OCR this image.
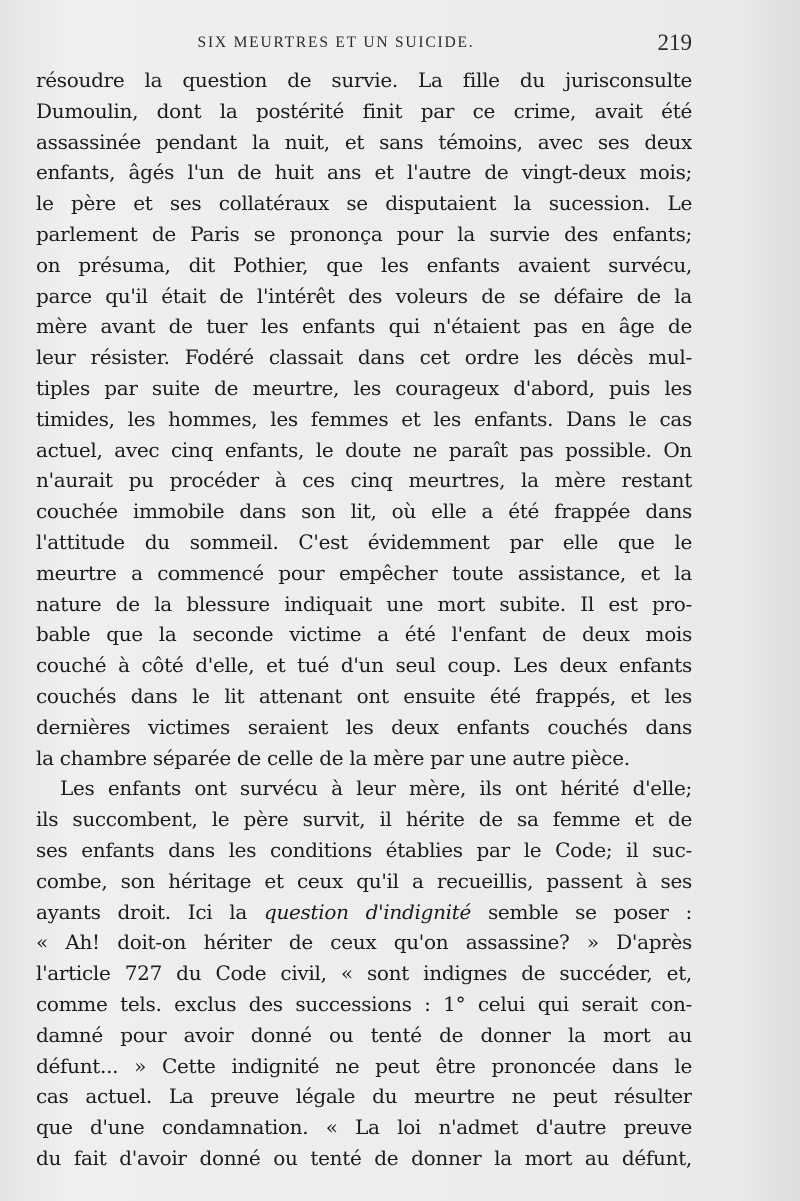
SIX MEURTRES ET UN SUICIDE.	219
résoudre la question de survie. La fille du jurisconsulte
Dumoulin, dont la postérité finit par ce crime, avait été
assassinée pendant la nuit, et sans témoins, avec ses deux
enfants, âgés l'un de huit ans et l'autre de vingt-deux mois;
le père et ses collatéraux se disputaient la sucession. Le
parlement de Paris se prononça pour la survie des enfants;
on présuma, dit Pothier, que les enfants avaient survécu,
parce qu'il était de l'intérêt des voleurs de se défaire de la
mère avant de tuer les enfants qui n'étaient pas en âge de
leur résister. Fodéré classait dans cet ordre les décès mul-
tiples par suite de meurtre, les courageux d'abord, puis les
timides, les hommes, les femmes et les enfants. Dans le cas
actuel, avec cinq enfants, le doute ne paraît pas possible. On
n'aurait pu procéder à ces cinq meurtres, la mère restant
couchée immobile dans son lit, où elle a été frappée dans
l'attitude du sommeil. C'est évidemment par elle que le
meurtre a commencé pour empêcher toute assistance, et la
nature de la blessure indiquait une mort subite. Il est pro-
bable que la seconde victime a été l'enfant de deux mois
couché à côté d'elle, et tué d'un seul coup. Les deux enfants
couchés dans le lit attenant ont ensuite été frappés, et les
dernières victimes seraient les deux enfants couchés dans
la chambre séparée de celle de la mère par une autre pièce.
Les enfants ont survécu à leur mère, ils ont hérité d'elle;
ils succombent, le père survit, il hérite de sa femme et de
ses enfants dans les conditions établies par le Code; il suc-
combe, son héritage et ceux qu'il a recueillis, passent à ses
ayants droit. Ici la question d'indignité semble se poser :
« Ah! doit-on hériter de ceux qu'on assassine? » D'après
l'article 727 du Code civil, « sont indignes de succéder, et,
comme tels. exclus des successions : 1° celui qui serait con-
damné pour avoir donné ou tenté de donner la mort au
défunt... » Cette indignité ne peut être prononcée dans le
cas actuel. La preuve légale du meurtre ne peut résulter
que d'une condamnation. « La loi n'admet d'autre preuve
du fait d'avoir donné ou tenté de donner la mort au défunt,
